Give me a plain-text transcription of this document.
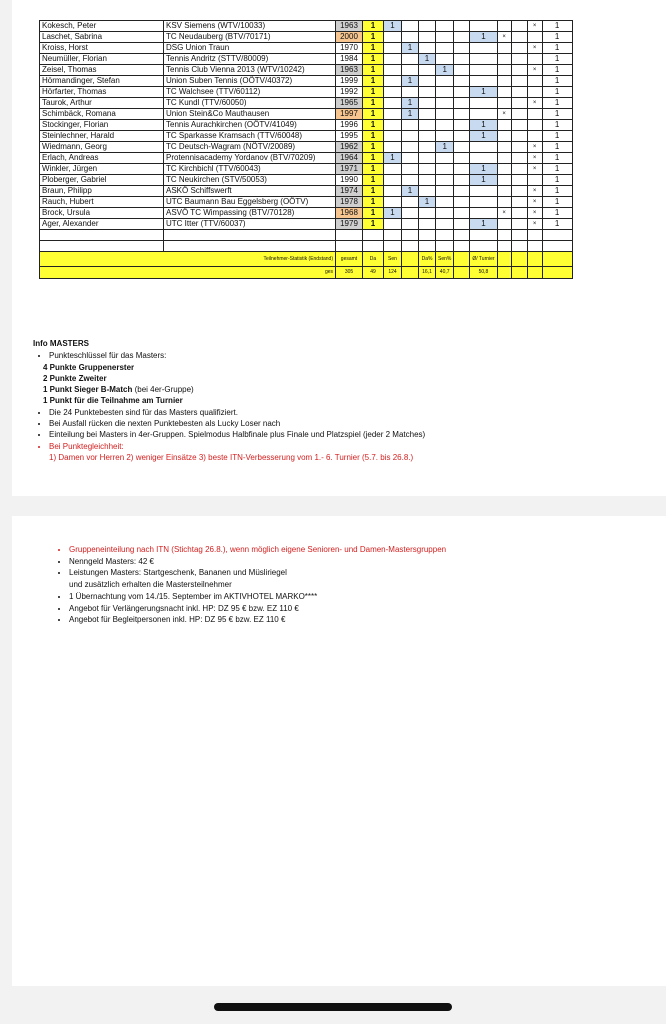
Kokesch, Peter	KSV Siemens (WTV/10033)	1963	1	1								×	1
Laschet, Sabrina	TC Neudauberg (BTV/70171)	2000	1						1	×			1
Kroiss, Horst	DSG Union Traun	1970	1		1							×	1
Neumüller, Florian	Tennis Andritz (STTV/80009)	1984	1			1							1
Zeisel, Thomas	Tennis Club Vienna 2013 (WTV/10242)	1963	1				1					×	1
Hörmandinger, Stefan	Union Suben Tennis (OÖTV/40372)	1999	1		1								1
Hörfarter, Thomas	TC Walchsee (TTV/60112)	1992	1						1				1
Taurok, Arthur	TC Kundl (TTV/60050)	1965	1		1							×	1
Schimbäck, Romana	Union Stein&Co Mauthausen	1997	1		1					×			1
Stockinger, Florian	Tennis Aurachkirchen (OÖTV/41049)	1996	1						1				1
Steinlechner, Harald	TC Sparkasse Kramsach (TTV/60048)	1995	1						1				1
Wiedmann, Georg	TC Deutsch-Wagram (NÖTV/20089)	1962	1				1					×	1
Erlach, Andreas	Protennisacademy Yordanov (BTV/70209)	1964	1	1								×	1
Winkler, Jürgen	TC Kirchbichl (TTV/60043)	1971	1						1			×	1
Ploberger, Gabriel	TC Neukirchen (STV/50053)	1990	1						1				1
Braun, Philipp	ASKÖ Schiffswerft	1974	1		1							×	1
Rauch, Hubert	UTC Baumann Bau Eggelsberg (OÖTV)	1978	1			1						×	1
Brock, Ursula	ASVÖ TC Wimpassing (BTV/70128)	1968	1	1						×		×	1
Ager, Alexander	UTC Itter (TTV/60037)	1979	1						1			×	1

Teilnehmer-Statistik (Endstand)		gesamt	Da	Sen		Da%	Sen%		Ø/ Turnier				
ges		305	49	124		16,1	40,7		50,8				
Info MASTERS
• Punkteschlüssel für das Masters:
4 Punkte Gruppenerster
2 Punkte Zweiter
1 Punkt Sieger B-Match (bei 4er-Gruppe)
1 Punkt für die Teilnahme am Turnier
• Die 24 Punktebesten sind für das Masters qualifiziert.
• Bei Ausfall rücken die nexten Punktebesten als Lucky Loser nach
• Einteilung bei Masters in 4er-Gruppen. Spielmodus Halbfinale plus Finale und Platzspiel (jeder 2 Matches)
• Bei Punktegleichheit:
1) Damen vor Herren 2) weniger Einsätze 3) beste ITN-Verbesserung vom 1.- 6. Turnier (5.7. bis 26.8.)
• Gruppeneinteilung nach ITN (Stichtag 26.8.), wenn möglich eigene Senioren- und Damen-Mastersgruppen
• Nenngeld Masters: 42 €
• Leistungen Masters: Startgeschenk, Bananen und Müsliriegel
und zusätzlich erhalten die Mastersteilnehmer
• 1 Übernachtung vom 14./15. September im AKTIVHOTEL MARKO****
• Angebot für Verlängerungsnacht inkl. HP: DZ 95 € bzw. EZ 110 €
• Angebot für Begleitpersonen inkl. HP: DZ 95 € bzw. EZ 110 €
